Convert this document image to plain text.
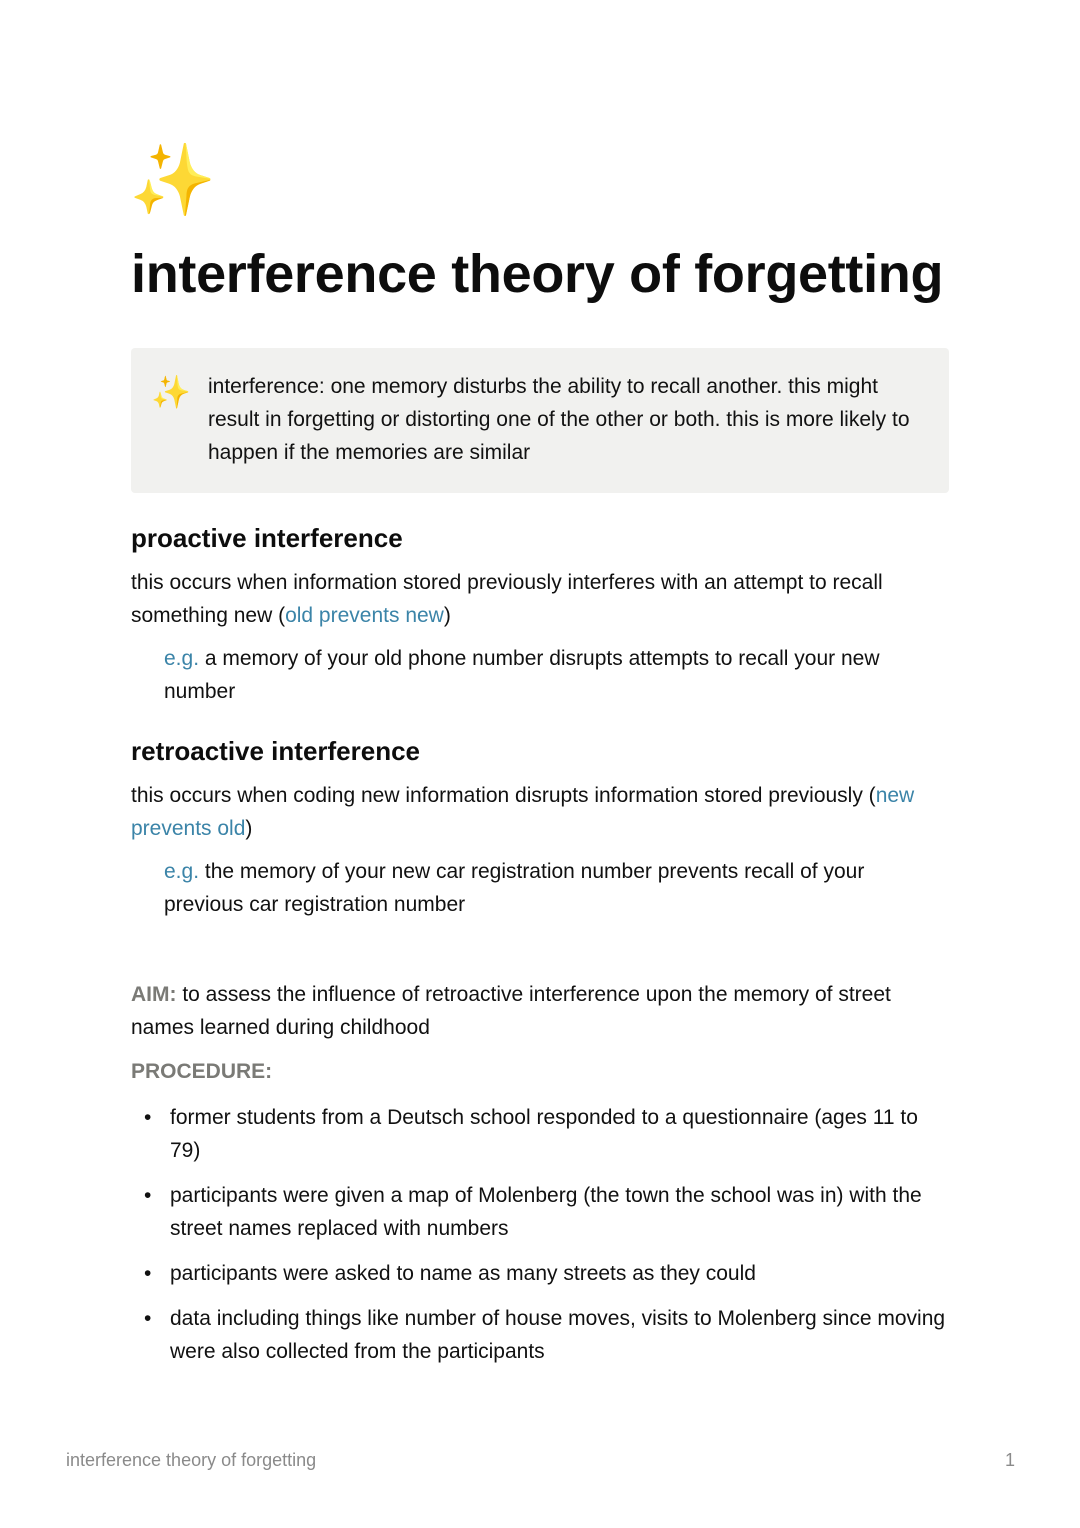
✨
interference theory of forgetting
✨ interference: one memory disturbs the ability to recall another. this might result in forgetting or distorting one of the other or both. this is more likely to happen if the memories are similar
proactive interference

this occurs when information stored previously interferes with an attempt to recall something new (old prevents new)

e.g. a memory of your old phone number disrupts attempts to recall your new number

retroactive interference

this occurs when coding new information disrupts information stored previously (new prevents old)

e.g. the memory of your new car registration number prevents recall of your previous car registration number

AIM: to assess the influence of retroactive interference upon the memory of street names learned during childhood

PROCEDURE:

• former students from a Deutsch school responded to a questionnaire (ages 11 to 79)
• participants were given a map of Molenberg (the town the school was in) with the street names replaced with numbers
• participants were asked to name as many streets as they could
• data including things like number of house moves, visits to Molenberg since moving were also collected from the participants
interference theory of forgetting	1
